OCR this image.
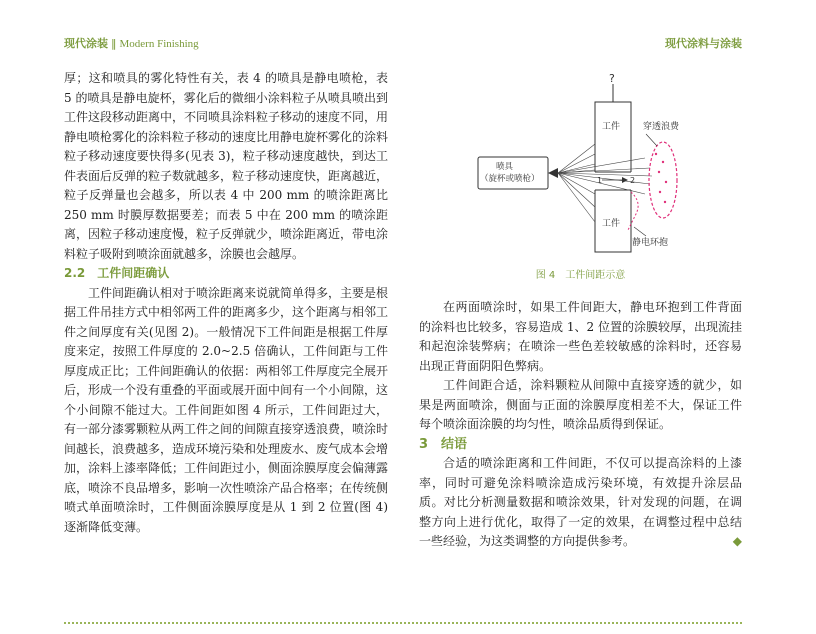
现代涂装 ‖ Modern Finishing	现代涂料与涂装

厚；这和喷具的雾化特性有关，表 4 的喷具是静电喷枪，表 5 的喷具是静电旋杯，雾化后的微细小涂料粒子从喷具喷出到工件这段移动距离中，不同喷具涂料粒子移动的速度不同，用静电喷枪雾化的涂料粒子移动的速度比用静电旋杯雾化的涂料粒子移动速度要快得多(见表 3)，粒子移动速度越快，到达工件表面后反弹的粒子数就越多，粒子移动速度快，距离越近，粒子反弹量也会越多，所以表 4 中 200 mm 的喷涂距离比 250 mm 时膜厚数据要差；而表 5 中在 200 mm 的喷涂距离，因粒子移动速度慢，粒子反弹就少，喷涂距离近，带电涂料粒子吸附到喷涂面就越多，涂膜也会越厚。

2.2　工件间距确认

工件间距确认相对于喷涂距离来说就简单得多，主要是根据工件吊挂方式中相邻两工件的距离多少，这个距离与相邻工件之间厚度有关(见图 2)。一般情况下工件间距是根据工件厚度来定，按照工件厚度的 2.0~2.5 倍确认，工件间距与工件厚度成正比；工件间距确认的依据：两相邻工件厚度完全展开后，形成一个没有重叠的平面或展开面中间有一个小间隙，这个小间隙不能过大。工件间距如图 4 所示，工件间距过大，有一部分漆雾颗粒从两工件之间的间隙直接穿透浪费，喷涂时间越长，浪费越多，造成环境污染和处理废水、废气成本会增加，涂料上漆率降低；工件间距过小，侧面涂膜厚度会偏薄露底，喷涂不良品增多，影响一次性喷涂产品合格率；在传统侧喷式单面喷涂时，工件侧面涂膜厚度是从 1 到 2 位置(图 4)逐渐降低变薄。

?
喷具
（旋杯或喷枪）	1	2
工件
工件
穿透浪费
静电环抱
图 4　工件间距示意

在两面喷涂时，如果工件间距大，静电环抱到工件背面的涂料也比较多，容易造成 1、2 位置的涂膜较厚，出现流挂和起泡涂装弊病；在喷涂一些色差较敏感的涂料时，还容易出现正背面阴阳色弊病。

工件间距合适，涂料颗粒从间隙中直接穿透的就少，如果是两面喷涂，侧面与正面的涂膜厚度相差不大，保证工件每个喷涂面涂膜的均匀性，喷涂品质得到保证。

3　结语

合适的喷涂距离和工件间距，不仅可以提高涂料的上漆率，同时可避免涂料喷涂造成污染环境，有效提升涂层品质。对比分析测量数据和喷涂效果，针对发现的问题，在调整方向上进行优化，取得了一定的效果，在调整过程中总结一些经验，为这类调整的方向提供参考。	◆
